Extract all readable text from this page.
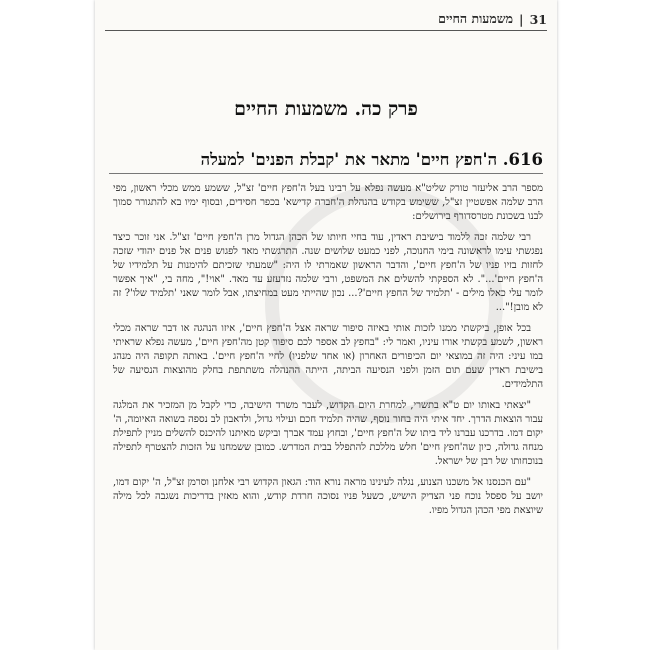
31
|
משמעות החיים
פרק כה. משמעות החיים
616. ה'חפץ חיים' מתאר את 'קבלת הפנים' למעלה

מספר הרב אליעזר טורק שליט"א מעשה נפלא על רבינו בעל ה'חפץ חיים' זצ"ל, ששמע ממש מכלי ראשון, מפי הרב שלמה אפשטיין זצ"ל, ששימש בקודש בהנהלת ה'חברה קדישא' בכפר חסידים, ובסוף ימיו בא להתגורר סמוך לבנו בשכונת מטרסדורף בירושלים:

רבי שלמה זכה ללמוד בישיבת ראדין, עוד בחיי חיותו של הכהן הגדול מרן ה'חפץ חיים' זצ"ל. אני זוכר כיצד נפגשתי עימו לראשונה בימי החנוכה, לפני כמעט שלושים שנה. התרגשתי מאד לפגוש פנים אל פנים יהודי שזכה לחזות בזיו פניו של ה'חפץ חיים', והדבר הראשון שאמרתי לו היה: "שמעתי שזכיתם להימנות על תלמידיו של ה'חפץ חיים'...". לא הספקתי להשלים את המשפט, ורבי שלמה נזדעזע עד מאד. "אוי!", מחה בי, "איך אפשר לומר עלי כאלו מילים - 'תלמיד של החפץ חיים'?... נכון שהייתי מעט במחיצתו, אבל לומר שאני 'תלמיד שלו'? זה לא מובן!"...

בכל אופן, ביקשתי ממנו לזכות אותי באיזה סיפור שראה אצל ה'חפץ חיים', איזו הנהגה או דבר שראה מכלי ראשון, לשמע בקשתי אורו עיניו, ואמר לי: "בחפץ לב אספר לכם סיפור קטן מה'חפץ חיים', מעשה נפלא שראיתי במו עיני: היה זה במוצאי יום הכיפורים האחרון (או אחד שלפניו) לחיי ה'חפץ חיים'. באותה תקופה היה מנהג בישיבת ראדין שעם תום הזמן ולפני הנסיעה הביתה, הייתה ההנהלה משתתפת בחלק מהוצאות הנסיעה של התלמידים.

"יצאתי באותו יום ט"א בתשרי, למחרת היום הקדוש, לעבר משרד הישיבה, כדי לקבל מן המזכיר את המלגה עבור הוצאות הדרך. יחד איתי היה בחור נוסף, שהיה תלמיד חכם ועילוי גדול, ולדאבון לב נספה בשואה האיומה, ה' יקום דמו. בדרכנו עברנו ליד ביתו של ה'חפץ חיים', ובחוץ עמד אברך וביקש מאיתנו להיכנס להשלים מניין לתפילת מנחה גדולה, כיון שה'חפץ חיים' חלש מללכת להתפלל בבית המדרש. כמובן ששמחנו על הזכות להצטרף לתפילה בנוכחותו של רבן של ישראל.

"עם הכנסנו אל משכנו הצנוע, נגלה לעינינו מראה נורא הוד: הגאון הקדוש רבי אלחנן וסרמן זצ"ל, ה' יקום דמו, יושב על ספסל נוכח פני הצדיק הישיש, כשעל פניו נסוכה חרדת קודש, והוא מאזין בדריכות נשגבה לכל מילה שיוצאת מפי הכהן הגדול מפיו.
